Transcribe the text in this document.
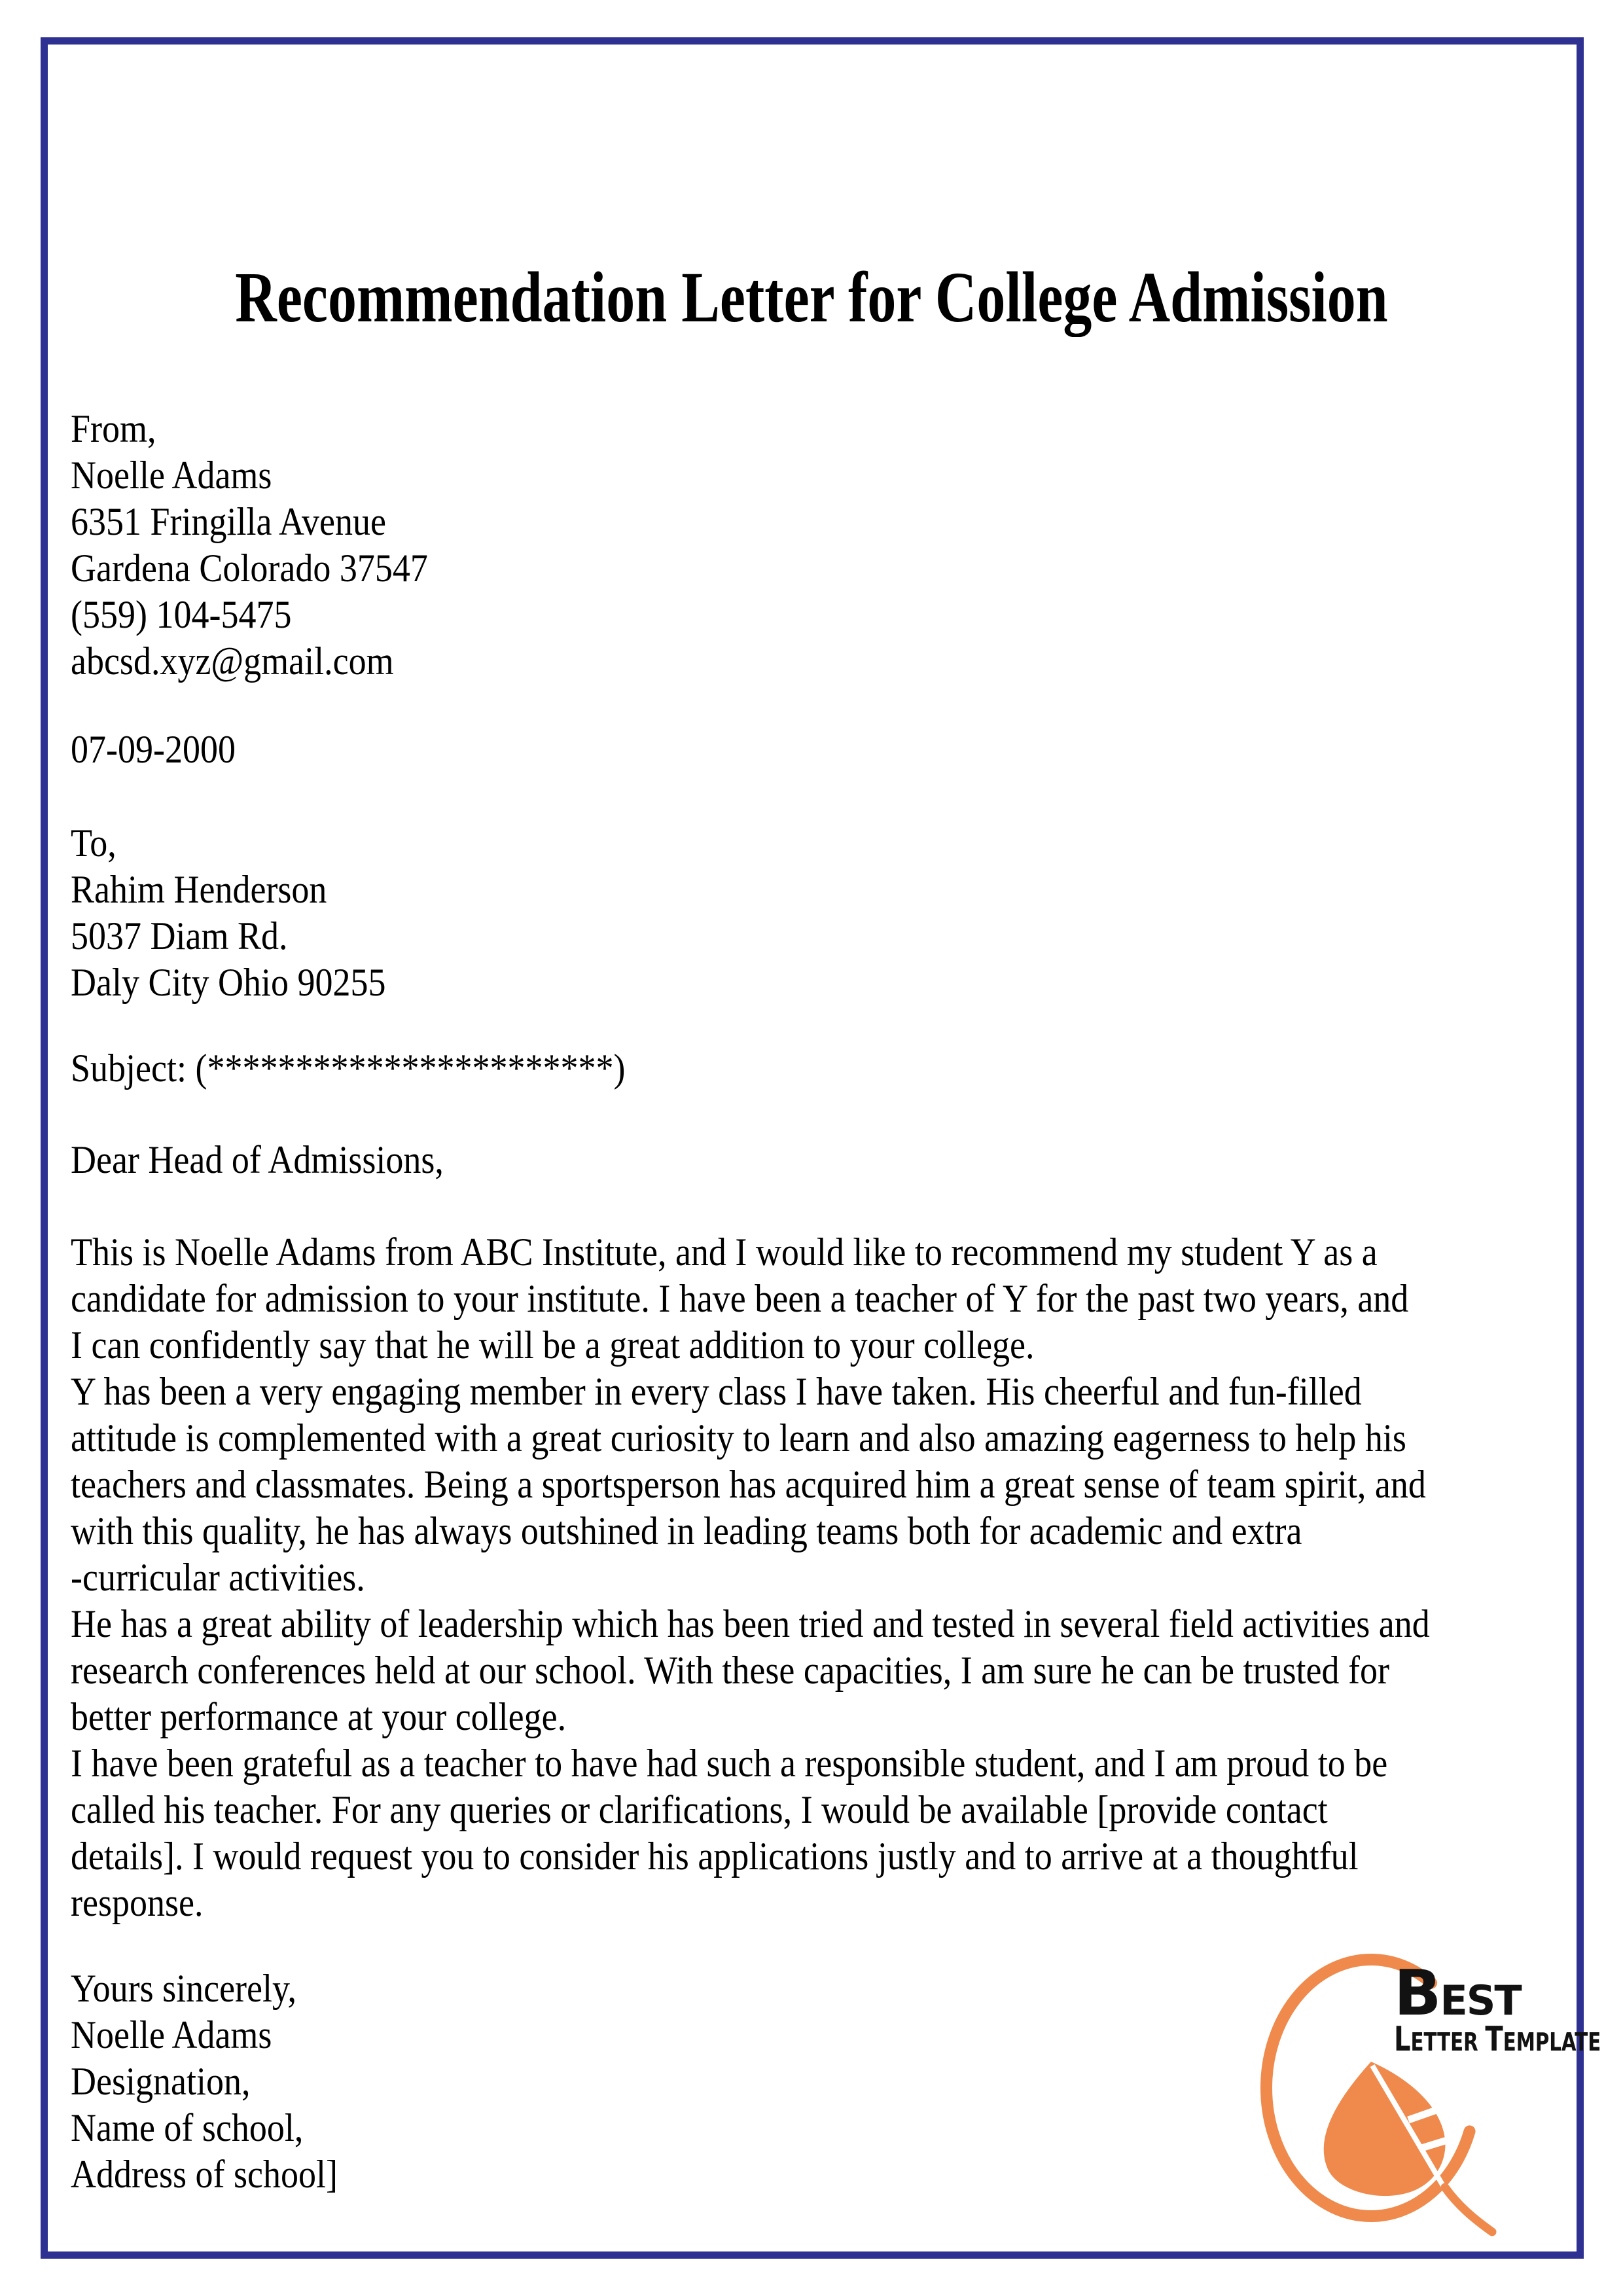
Recommendation Letter for College Admission
From,
Noelle Adams
6351 Fringilla Avenue
Gardena Colorado 37547
(559) 104-5475
abcsd.xyz@gmail.com
07-09-2000
To,
Rahim Henderson
5037 Diam Rd.
Daly City Ohio 90255
Subject: (***********************)
Dear Head of Admissions,
This is Noelle Adams from ABC Institute, and I would like to recommend my student Y as a
candidate for admission to your institute. I have been a teacher of Y for the past two years, and
I can confidently say that he will be a great addition to your college.
Y has been a very engaging member in every class I have taken. His cheerful and fun-filled
attitude is complemented with a great curiosity to learn and also amazing eagerness to help his
teachers and classmates. Being a sportsperson has acquired him a great sense of team spirit, and
with this quality, he has always outshined in leading teams both for academic and extra
-curricular activities.
He has a great ability of leadership which has been tried and tested in several field activities and
research conferences held at our school. With these capacities, I am sure he can be trusted for
better performance at your college.
I have been grateful as a teacher to have had such a responsible student, and I am proud to be
called his teacher. For any queries or clarifications, I would be available [provide contact
details]. I would request you to consider his applications justly and to arrive at a thoughtful
response.
Yours sincerely,
Noelle Adams
Designation,
Name of school,
Address of school]
BEST
LETTER TEMPLATE
